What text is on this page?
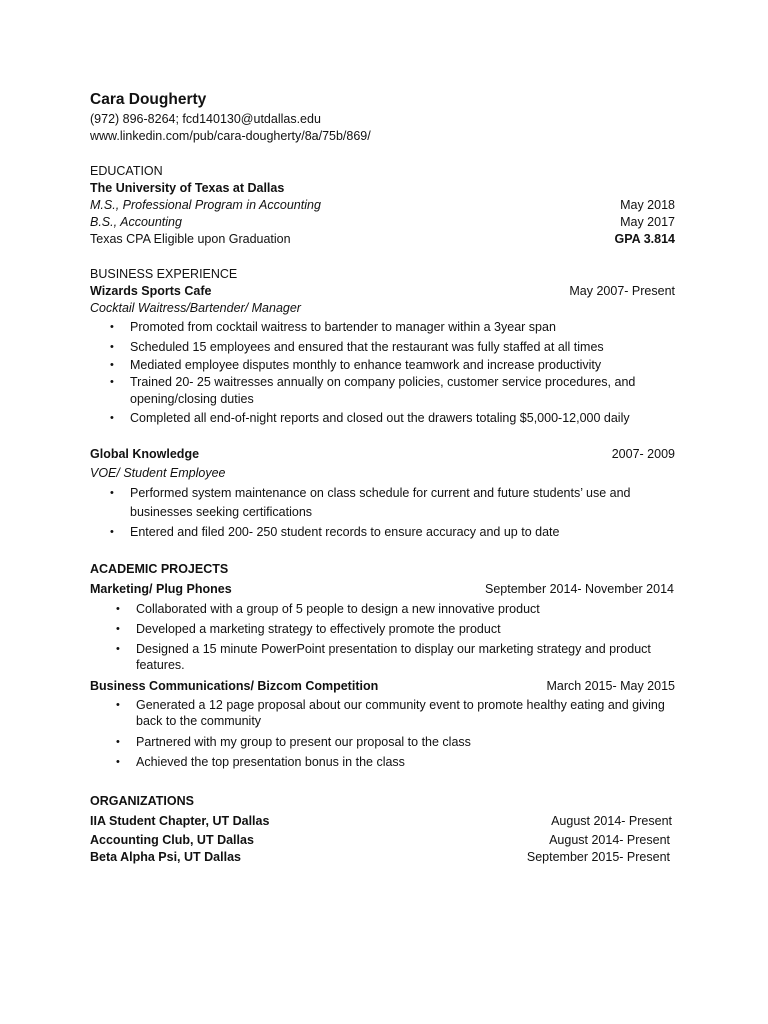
Cara Dougherty
(972) 896-8264; fcd140130@utdallas.edu
www.linkedin.com/pub/cara-dougherty/8a/75b/869/
EDUCATION
The University of Texas at Dallas
M.S., Professional Program in Accounting	May 2018
B.S., Accounting	May 2017
Texas CPA Eligible upon Graduation	GPA 3.814
BUSINESS EXPERIENCE
Wizards Sports Cafe	May 2007- Present
Cocktail Waitress/Bartender/ Manager
• Promoted from cocktail waitress to bartender to manager within a 3year span
• Scheduled 15 employees and ensured that the restaurant was fully staffed at all times
• Mediated employee disputes monthly to enhance teamwork and increase productivity
• Trained 20- 25 waitresses annually on company policies, customer service procedures, and
opening/closing duties
• Completed all end-of-night reports and closed out the drawers totaling $5,000-12,000 daily
Global Knowledge	2007- 2009
VOE/ Student Employee
• Performed system maintenance on class schedule for current and future students’ use and
businesses seeking certifications
• Entered and filed 200- 250 student records to ensure accuracy and up to date
ACADEMIC PROJECTS
Marketing/ Plug Phones	September 2014- November 2014
• Collaborated with a group of 5 people to design a new innovative product
• Developed a marketing strategy to effectively promote the product
• Designed a 15 minute PowerPoint presentation to display our marketing strategy and product
features.
Business Communications/ Bizcom Competition	March 2015- May 2015
• Generated a 12 page proposal about our community event to promote healthy eating and giving
back to the community
• Partnered with my group to present our proposal to the class
• Achieved the top presentation bonus in the class
ORGANIZATIONS
IIA Student Chapter, UT Dallas	August 2014- Present
Accounting Club, UT Dallas	August 2014- Present
Beta Alpha Psi, UT Dallas	September 2015- Present
